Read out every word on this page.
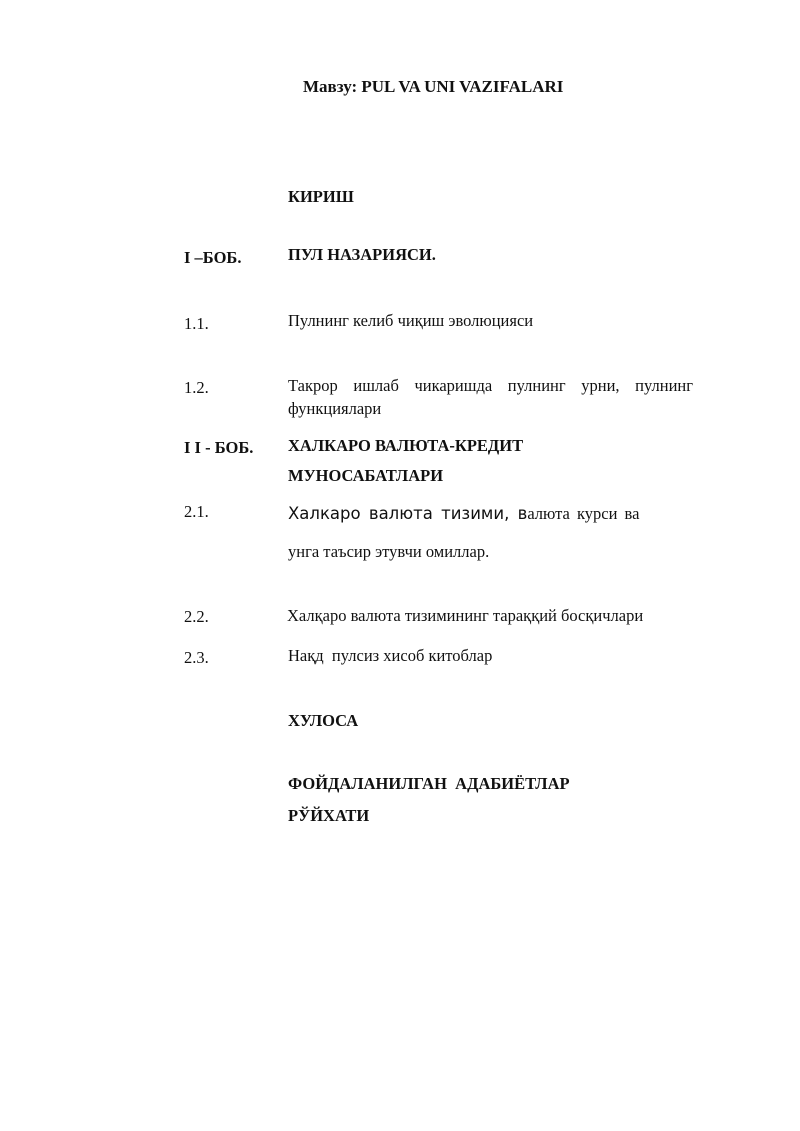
Мавзу: PUL VA UNI VAZIFALARI
КИРИШ
I –БОБ.	ПУЛ НАЗАРИЯСИ.
1.1.	Пулнинг келиб чиқиш эволюцияси
1.2.	Такрор ишлаб чикаришда пулнинг урни, пулнинг функциялари
I I - БОБ. ХАЛКАРО ВАЛЮТА-КРЕДИТ
МУНОСАБАТЛАРИ
2.1.	Халкаро валюта тизими, валюта курси ва
унга таъсир этувчи омиллар.
2.2.	Халқаро валюта тизимининг тараққий босқичлари
2.3.	Нақд  пулсиз хисоб китоблар
ХУЛОСА
ФОЙДАЛАНИЛГАН  АДАБИЁТЛАР
РЎЙХАТИ
